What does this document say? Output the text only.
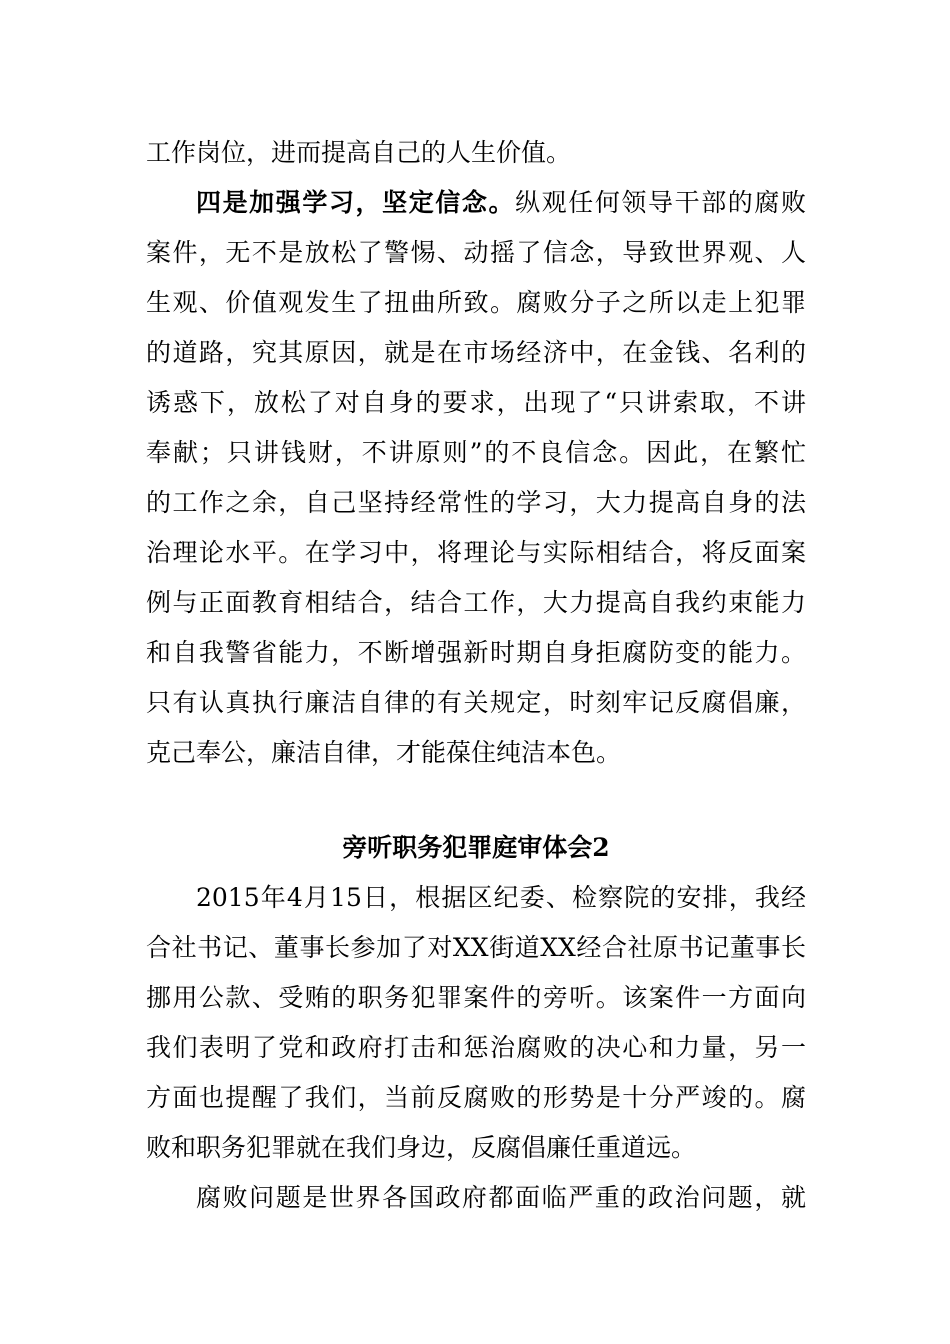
工作岗位，进而提高自己的人生价值。
四是加强学习，坚定信念。纵观任何领导干部的腐败
案件，无不是放松了警惕、动摇了信念，导致世界观、人
生观、价值观发生了扭曲所致。腐败分子之所以走上犯罪
的道路，究其原因，就是在市场经济中，在金钱、名利的
诱惑下，放松了对自身的要求，出现了“只讲索取，不讲
奉献；只讲钱财，不讲原则”的不良信念。因此，在繁忙
的工作之余，自己坚持经常性的学习，大力提高自身的法
治理论水平。在学习中，将理论与实际相结合，将反面案
例与正面教育相结合，结合工作，大力提高自我约束能力
和自我警省能力，不断增强新时期自身拒腐防变的能力。
只有认真执行廉洁自律的有关规定，时刻牢记反腐倡廉，
克己奉公，廉洁自律，才能葆住纯洁本色。
旁听职务犯罪庭审体会2
2015年4月15日，根据区纪委、检察院的安排，我经
合社书记、董事长参加了对XX街道XX经合社原书记董事长
挪用公款、受贿的职务犯罪案件的旁听。该案件一方面向
我们表明了党和政府打击和惩治腐败的决心和力量，另一
方面也提醒了我们，当前反腐败的形势是十分严竣的。腐
败和职务犯罪就在我们身边，反腐倡廉任重道远。
腐败问题是世界各国政府都面临严重的政治问题，就
